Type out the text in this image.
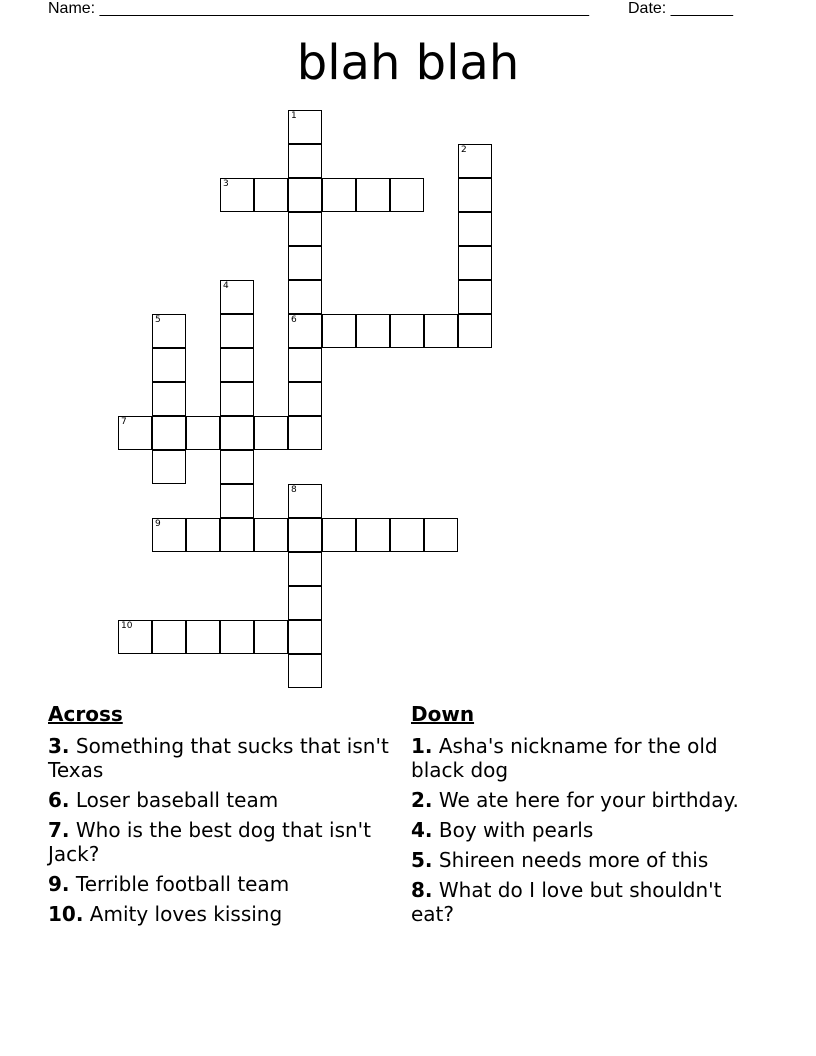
Name: _______________________________________________________ Date: _______
blah blah
1
6
2
3
4
5
7
8
9
10
Across
3. Something that sucks that isn't Texas
6. Loser baseball team
7. Who is the best dog that isn't Jack?
9. Terrible football team
10. Amity loves kissing
Down
1. Asha's nickname for the old black dog
2. We ate here for your birthday.
4. Boy with pearls
5. Shireen needs more of this
8. What do I love but shouldn't eat?
